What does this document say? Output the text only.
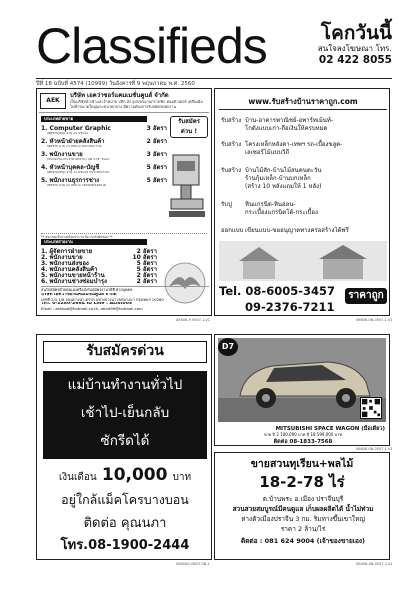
Classifieds	โคกวันนี้
สนใจลงโฆษณา โทร.
02 422 8055
ปีที่ 18 ฉบับที่ 4574 (10999) วันอังคารที่ 9 พฤษภาคม พ.ศ. 2560
AEK
บริษัท เอคว่าซอร์แคมเมชั่นคูนส์ จำกัด
เป็นบริษัทนำเข้าและจำหน่าย ปลีก-ส่ง อุปกรณ์งานกราฟฟิก คอมพิวเตอร์ เครื่องมือไฟฟ้าขนาดใหญ่และขนาดกลาง มีความต้องการรับสมัครพนักงาน
ประเภทฝ่ายขาย	รับสมัคร
ด่วน !
1. Computer Graphic	3 อัตรา
เพศชาย/หญิง อายุ 25 ปีขึ้นไป
2. หัวหน้าฝ่ายคลังสินค้า	2 อัตรา
เพศชาย อายุ 25 ปีขึ้นไป มีประสบการณ์
3. พนักงานขาย	3 อัตรา
(หน่วยงาน-ประจำสำนักงาน) วุฒิ ปวช. ขึ้นไป
4. หัวหน้าบุคคล-บัญชี	5 อัตรา
เพศชาย/หญิง อายุ 25 ปีขึ้นไป มีประสบการณ์
5. พนักงานธุรการช่าง	5 อัตรา
เพศชาย อายุ 20 ปีขึ้นไป ใช้คอมพิวเตอร์ได้
** สุขภาพแข็งแรงพร้อมทำงาน มีความรับผิดชอบ **
ประเภทสายงาน
1. ผู้จัดการฝ่ายขาย	2 อัตรา
2. พนักงานขาย	10 อัตรา
3. พนักงานส่งของ	5 อัตรา
4. พนักงานคลังสินค้า	5 อัตรา
5. พนักงานขายหน้าร้าน	2 อัตรา
6. พนักงานช่างซ่อมบำรุง	2 อัตรา
สนใจสมัครด้วยตนเองหรือส่งใบสมัครงานได้ที่ ฝ่ายบุคคล
บริษัท เอคว่าซอร์แคมเมชั่นคูนส์ จำกัด
เลขที่ 1/4 1/8 ถนนบางนา-ตราด แขวงบางนา เขตบางนา กรุงเทพฯ 10260
โทร. 0-2280-2664 ID Line : AList003
Email : aekbod@hotmail.co.th, atmd99@hotmail.com
AEK08-P-0507-1-V1
www.รับสร้างบ้านราคาถูก.com
รับสร้าง บ้าน-อาคารพาณิชย์-อพาร์ทเม้นท์-
โกดังแบบเก่า-ถือเงินให้ครบหมด
รับสร้าง โครงเหล็กหลังคา-เทพฯ รถ-เบื้องขลูด-
เลเซอร์ไม้แบบวิถี
รับสร้าง บ้านไม้สัก-บ้านไม้สนคนตะวัน
ร้านกุ้มเหล็ก-บ้านบกเหล็ก
(สร้าง 10 หลังแถมให้ 1 หลัง)
รับปู หินแกรนิต-หินอ่อน-
กระเบื้องแกรนิตโต้-กระเบื้อง
ออกแบบ เขียนแบบ-ขออนุญาตทางคร่อสร้างได้ฟรี
Tel. 08-6005-3457
09-2376-7211
ราคาถูก
08608-0N-0507-1-V1
รับสมัครด่วน
แม่บ้านทำงานทั่วไป
เช้าไป-เย็นกลับ
ซักรีดได้
เงินเดือน 10,000 บาท
อยู่ใกล้แม็คโครบางบอน
ติดต่อ คุณนภา
โทร.08-1900-2444
0N0N01-N00T-0N-1
D7
MITSUBISHI SPACE WAGON (มือเดียว)
ขาย ปี 2 100,000 บาท ปี 18 599,000 บาท
ติดต่อ 08-1833-7568
08608-0N-0507-1-V1
ขายสวนทุเรียน+พลไม้
18-2-78 ไร่
ต.บ้านพระ อ.เมือง ปราจีนบุรี
สวนสวยสมบูรณ์มีคนดูแล เก็บผลผลิตได้ น้ำไม่ท่วม
ห่างตัวเมืองปราจีน 3 กม. ริมทางขึ้นเขาใหญ่
ราคา 2 ล้าน/ไร่
ติดต่อ : 081 624 9004 (เจ้าของขายเอง)
0B406-0N-0507-1-V1
